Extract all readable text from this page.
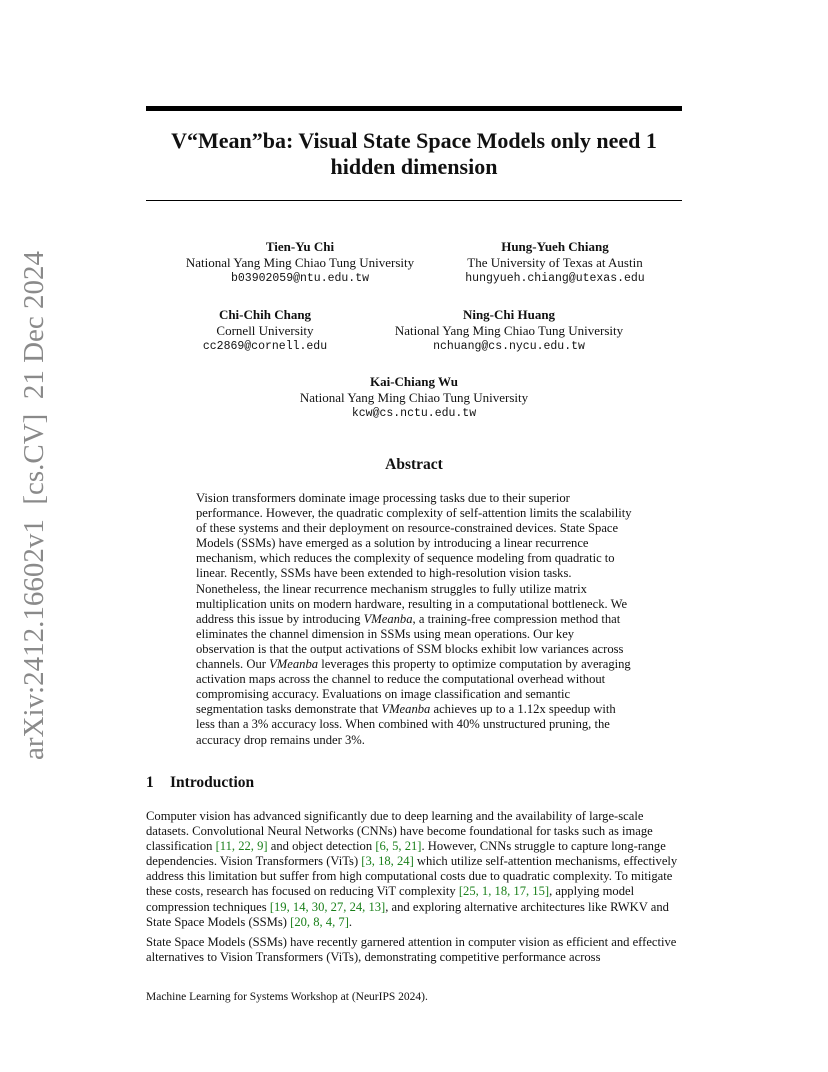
arXiv:2412.16602v1  [cs.CV]  21 Dec 2024
V“Mean”ba: Visual State Space Models only need 1 hidden dimension
Tien-Yu Chi
National Yang Ming Chiao Tung University
b03902059@ntu.edu.tw
Hung-Yueh Chiang
The University of Texas at Austin
hungyueh.chiang@utexas.edu
Chi-Chih Chang
Cornell University
cc2869@cornell.edu
Ning-Chi Huang
National Yang Ming Chiao Tung University
nchuang@cs.nycu.edu.tw
Kai-Chiang Wu
National Yang Ming Chiao Tung University
kcw@cs.nctu.edu.tw
Abstract

Vision transformers dominate image processing tasks due to their superior performance. However, the quadratic complexity of self-attention limits the scalability of these systems and their deployment on resource-constrained devices. State Space Models (SSMs) have emerged as a solution by introducing a linear recurrence mechanism, which reduces the complexity of sequence modeling from quadratic to linear. Recently, SSMs have been extended to high-resolution vision tasks. Nonetheless, the linear recurrence mechanism struggles to fully utilize matrix multiplication units on modern hardware, resulting in a computational bottleneck. We address this issue by introducing VMeanba, a training-free compression method that eliminates the channel dimension in SSMs using mean operations. Our key observation is that the output activations of SSM blocks exhibit low variances across channels. Our VMeanba leverages this property to optimize computation by averaging activation maps across the channel to reduce the computational overhead without compromising accuracy. Evaluations on image classification and semantic segmentation tasks demonstrate that VMeanba achieves up to a 1.12x speedup with less than a 3% accuracy loss. When combined with 40% unstructured pruning, the accuracy drop remains under 3%.

1 Introduction

Computer vision has advanced significantly due to deep learning and the availability of large-scale datasets. Convolutional Neural Networks (CNNs) have become foundational for tasks such as image classification [11, 22, 9] and object detection [6, 5, 21]. However, CNNs struggle to capture long-range dependencies. Vision Transformers (ViTs) [3, 18, 24] which utilize self-attention mechanisms, effectively address this limitation but suffer from high computational costs due to quadratic complexity. To mitigate these costs, research has focused on reducing ViT complexity [25, 1, 18, 17, 15], applying model compression techniques [19, 14, 30, 27, 24, 13], and exploring alternative architectures like RWKV and State Space Models (SSMs) [20, 8, 4, 7].

State Space Models (SSMs) have recently garnered attention in computer vision as efficient and effective alternatives to Vision Transformers (ViTs), demonstrating competitive performance across

Machine Learning for Systems Workshop at (NeurIPS 2024).
